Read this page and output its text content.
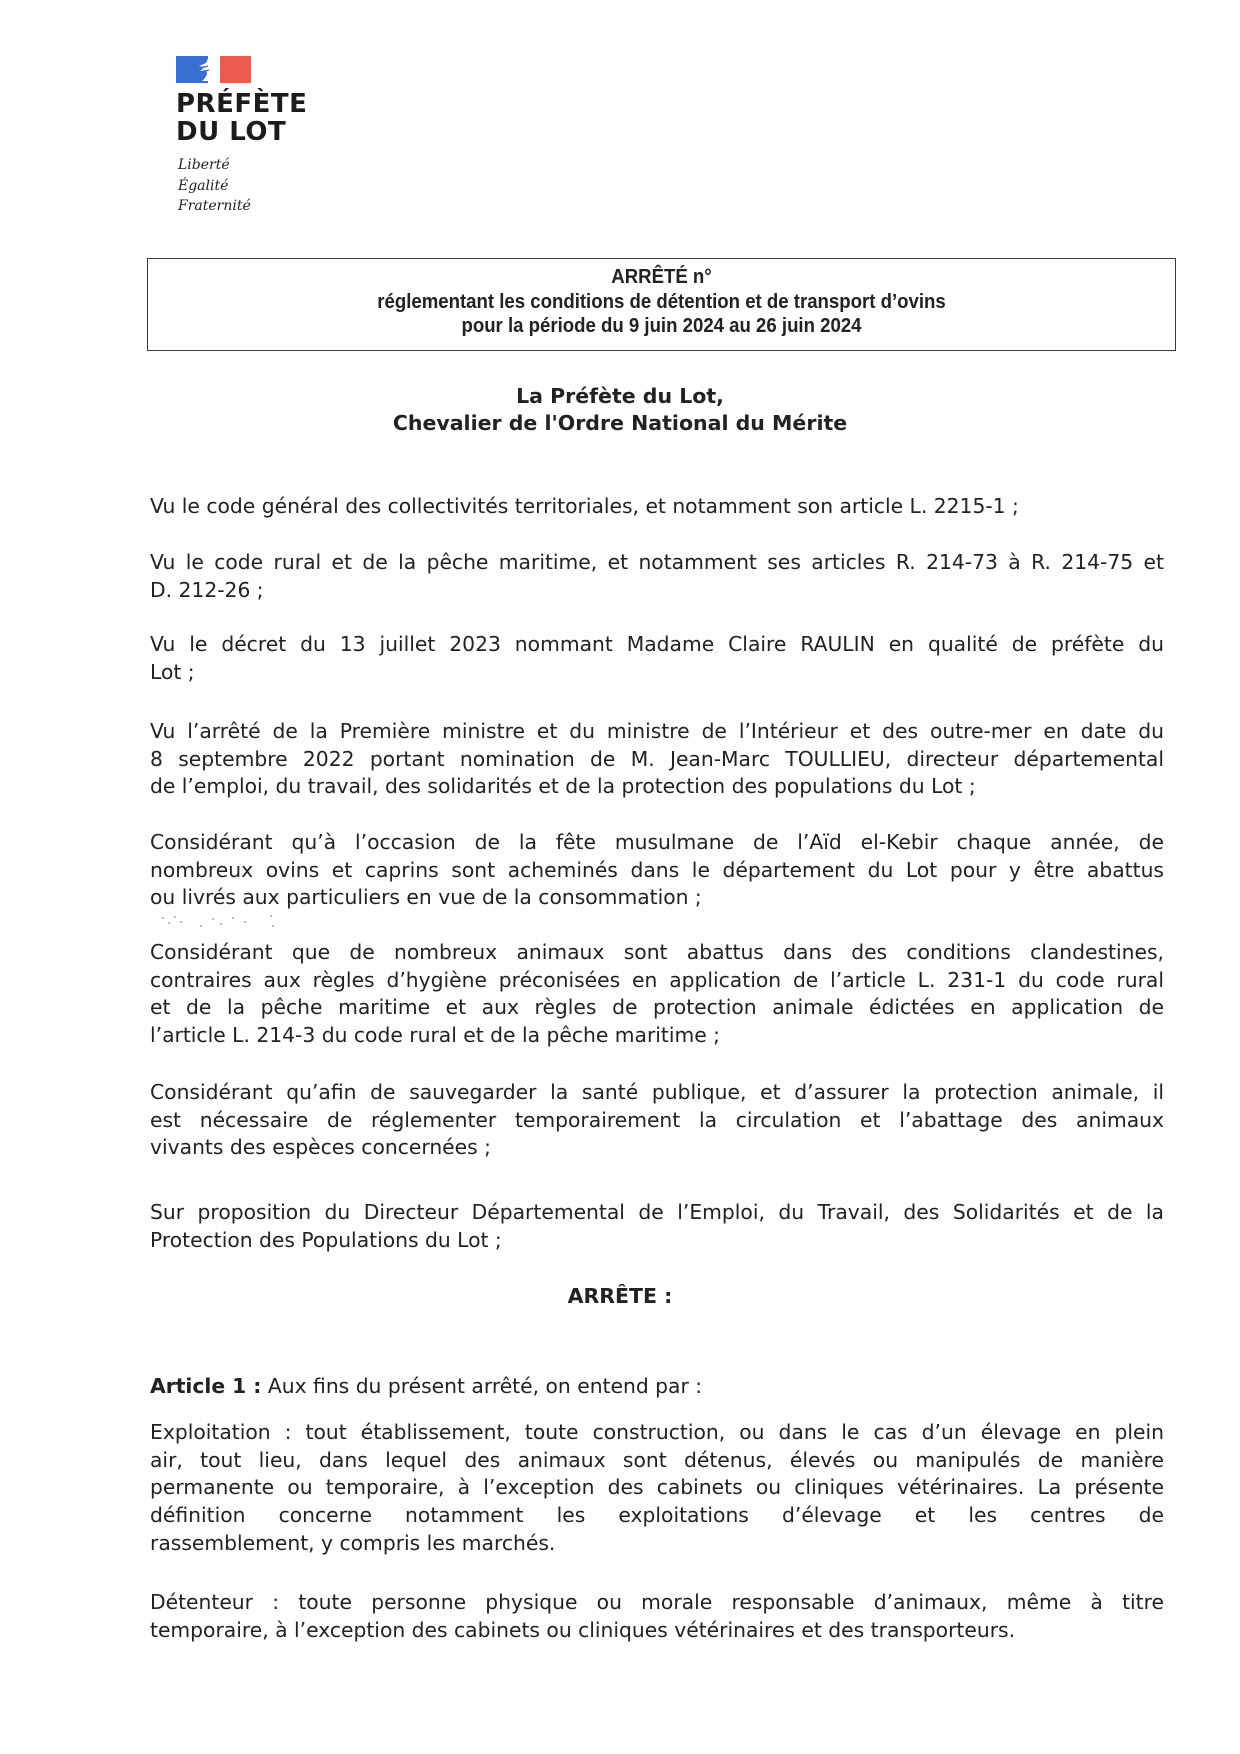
PRÉFÈTE
DU LOT
Liberté
Égalité
Fraternité
ARRÊTÉ n°
réglementant les conditions de détention et de transport d’ovins
pour la période du 9 juin 2024 au 26 juin 2024
La Préfète du Lot,
Chevalier de l'Ordre National du Mérite
Vu le code général des collectivités territoriales, et notamment son article L. 2215-1 ;
Vu le code rural et de la pêche maritime, et notamment ses articles R. 214-73 à R. 214-75 et
D. 212-26 ;
Vu le décret du 13 juillet 2023 nommant Madame Claire RAULIN en qualité de préfète du
Lot ;
Vu l’arrêté de la Première ministre et du ministre de l’Intérieur et des outre-mer en date du
8 septembre 2022 portant nomination de M. Jean-Marc TOULLIEU, directeur départemental
de l’emploi, du travail, des solidarités et de la protection des populations du Lot ;
Considérant qu’à l’occasion de la fête musulmane de l’Aïd el-Kebir chaque année, de
nombreux ovins et caprins sont acheminés dans le département du Lot pour y être abattus
ou livrés aux particuliers en vue de la consommation ;
Considérant que de nombreux animaux sont abattus dans des conditions clandestines,
contraires aux règles d’hygiène préconisées en application de l’article L. 231-1 du code rural
et de la pêche maritime et aux règles de protection animale édictées en application de
l’article L. 214-3 du code rural et de la pêche maritime ;
Considérant qu’afin de sauvegarder la santé publique, et d’assurer la protection animale, il
est nécessaire de réglementer temporairement la circulation et l’abattage des animaux
vivants des espèces concernées ;
Sur proposition du Directeur Départemental de l’Emploi, du Travail, des Solidarités et de la
Protection des Populations du Lot ;
ARRÊTE :
Article 1 : Aux fins du présent arrêté, on entend par :
Exploitation : tout établissement, toute construction, ou dans le cas d’un élevage en plein
air, tout lieu, dans lequel des animaux sont détenus, élevés ou manipulés de manière
permanente ou temporaire, à l’exception des cabinets ou cliniques vétérinaires. La présente
définition concerne notamment les exploitations d’élevage et les centres de
rassemblement, y compris les marchés.
Détenteur : toute personne physique ou morale responsable d’animaux, même à titre
temporaire, à l’exception des cabinets ou cliniques vétérinaires et des transporteurs.
